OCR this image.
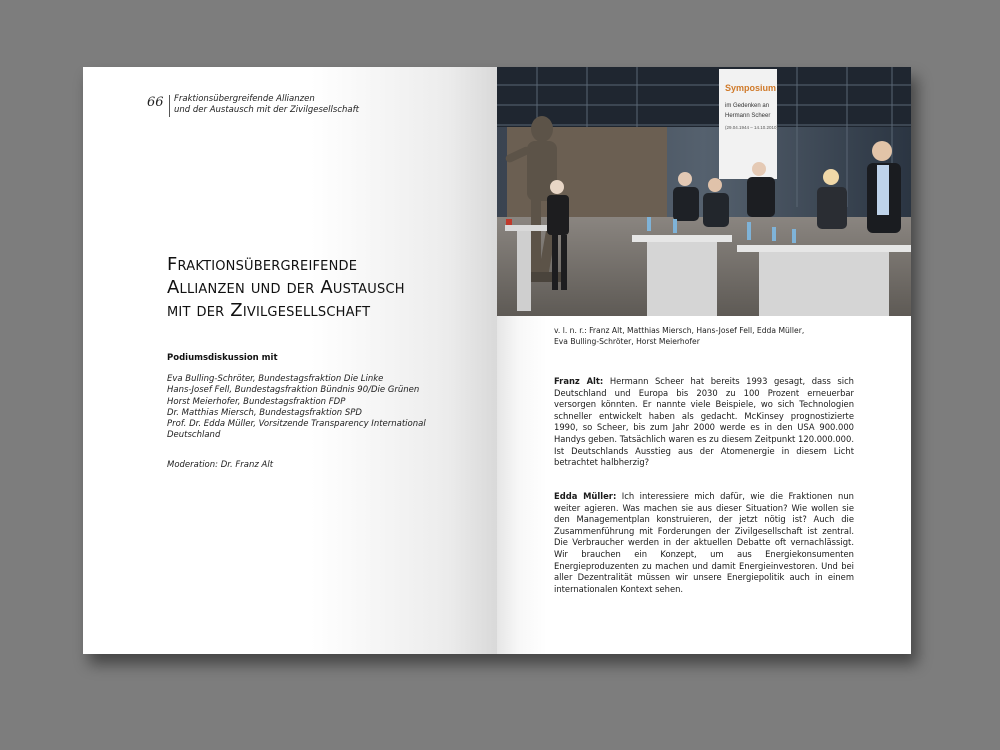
66 Fraktionsübergreifende Allianzen
und der Austausch mit der Zivilgesellschaft
Fraktionsübergreifende
Allianzen und der Austausch
mit der Zivilgesellschaft
Podiumsdiskussion mit
Eva Bulling-Schröter, Bundestagsfraktion Die Linke
Hans-Josef Fell, Bundestagsfraktion Bündnis 90/Die Grünen
Horst Meierhofer, Bundestagsfraktion FDP
Dr. Matthias Miersch, Bundestagsfraktion SPD
Prof. Dr. Edda Müller, Vorsitzende Transparency International
Deutschland
Moderation: Dr. Franz Alt
Symposium
im Gedenken an
Hermann Scheer
(29.04.1944 – 14.10.2010)
v. l. n. r.: Franz Alt, Matthias Miersch, Hans-Josef Fell, Edda Müller,
Eva Bulling-Schröter, Horst Meierhofer

Franz Alt: Hermann Scheer hat bereits 1993 gesagt, dass sich Deutschland und Europa bis 2030 zu 100 Prozent erneuerbar versorgen könnten. Er nannte viele Beispiele, wo sich Technologien schneller entwickelt haben als gedacht. McKinsey prognostizierte 1990, so Scheer, bis zum Jahr 2000 werde es in den USA 900.000 Handys geben. Tatsächlich waren es zu diesem Zeitpunkt 120.000.000. Ist Deutschlands Ausstieg aus der Atomenergie in diesem Licht betrachtet halbherzig?

Edda Müller: Ich interessiere mich dafür, wie die Fraktionen nun weiter agieren. Was machen sie aus dieser Situation? Wie wollen sie den Managementplan konstruieren, der jetzt nötig ist? Auch die Zusammenführung mit Forderungen der Zivilgesellschaft ist zentral. Die Verbraucher werden in der aktuellen Debatte oft vernachlässigt. Wir brauchen ein Konzept, um aus Energiekonsumenten Energieproduzenten zu machen und damit Energieinvestoren. Und bei aller Dezentralität müssen wir unsere Energiepolitik auch in einem internationalen Kontext sehen.
